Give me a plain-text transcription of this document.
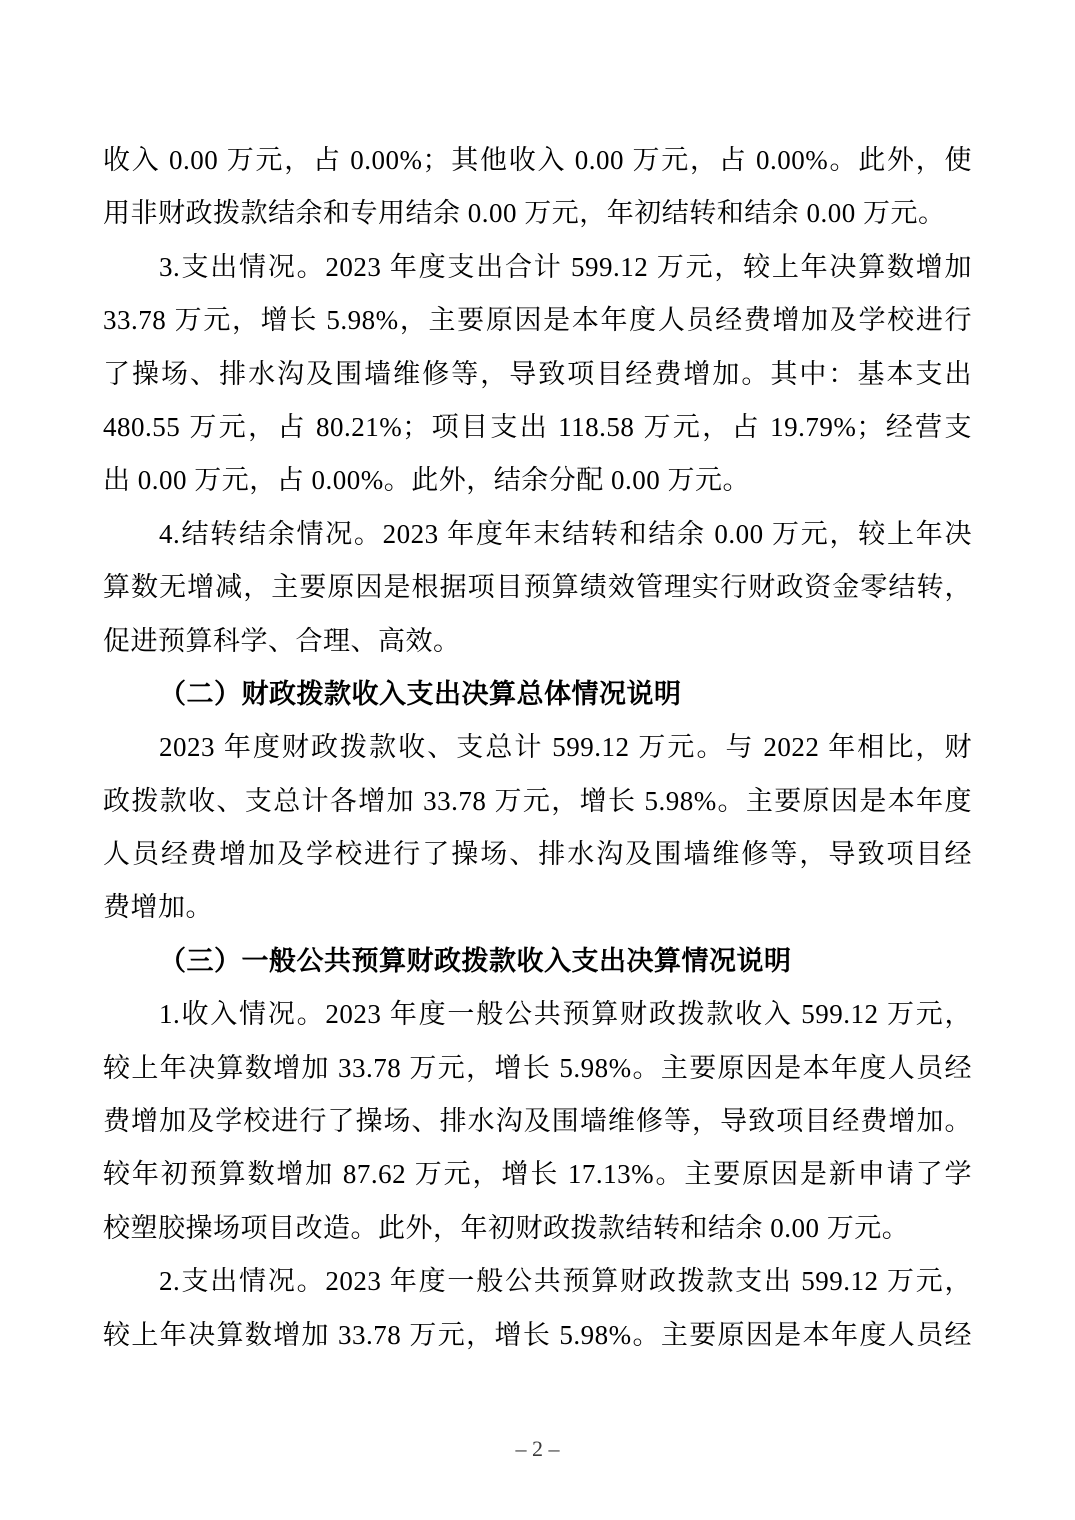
收入 0.00 万元，占 0.00%；其他收入 0.00 万元，占 0.00%。此外，使
用非财政拨款结余和专用结余 0.00 万元，年初结转和结余 0.00 万元。
3.支出情况。2023 年度支出合计 599.12 万元，较上年决算数增加
33.78 万元，增长 5.98%，主要原因是本年度人员经费增加及学校进行
了操场、排水沟及围墙维修等，导致项目经费增加。其中：基本支出
480.55 万元，占 80.21%；项目支出 118.58 万元，占 19.79%；经营支
出 0.00 万元，占 0.00%。此外，结余分配 0.00 万元。
4.结转结余情况。2023 年度年末结转和结余 0.00 万元，较上年决
算数无增减，主要原因是根据项目预算绩效管理实行财政资金零结转，
促进预算科学、合理、高效。
（二）财政拨款收入支出决算总体情况说明
2023 年度财政拨款收、支总计 599.12 万元。与 2022 年相比，财
政拨款收、支总计各增加 33.78 万元，增长 5.98%。主要原因是本年度
人员经费增加及学校进行了操场、排水沟及围墙维修等，导致项目经
费增加。
（三）一般公共预算财政拨款收入支出决算情况说明
1.收入情况。2023 年度一般公共预算财政拨款收入 599.12 万元，
较上年决算数增加 33.78 万元，增长 5.98%。主要原因是本年度人员经
费增加及学校进行了操场、排水沟及围墙维修等，导致项目经费增加。
较年初预算数增加 87.62 万元，增长 17.13%。主要原因是新申请了学
校塑胶操场项目改造。此外，年初财政拨款结转和结余 0.00 万元。
2.支出情况。2023 年度一般公共预算财政拨款支出 599.12 万元，
较上年决算数增加 33.78 万元，增长 5.98%。主要原因是本年度人员经
– 2 –
